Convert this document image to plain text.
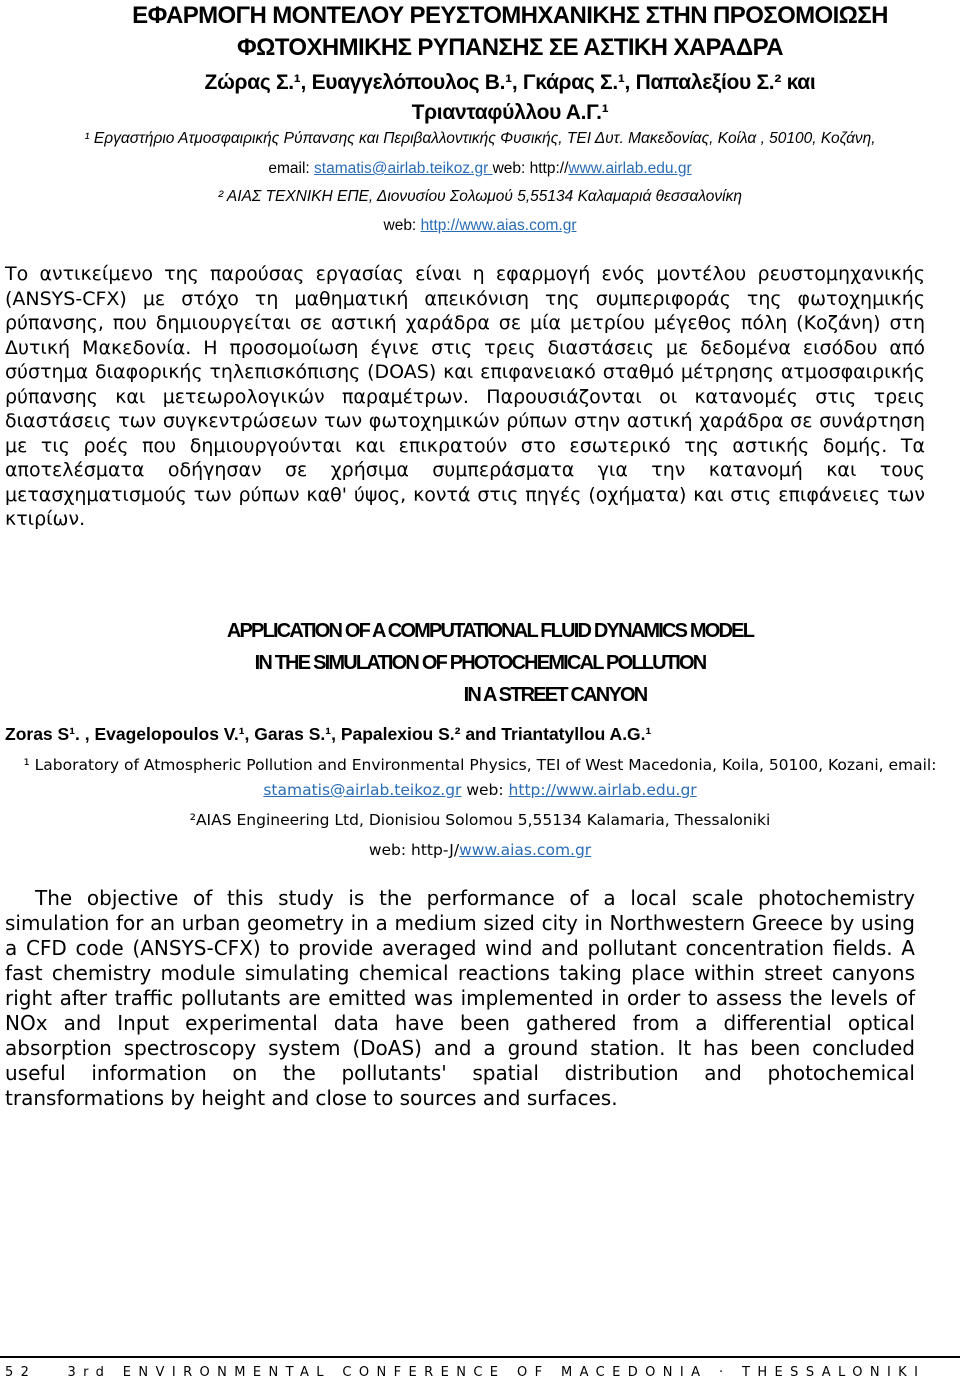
ΕΦΑΡΜΟΓΗ ΜΟΝΤΕΛΟΥ ΡΕΥΣΤΟΜΗΧΑΝΙΚΗΣ ΣΤΗΝ ΠΡΟΣΟΜΟΙΩΣΗ
ΦΩΤΟΧΗΜΙΚΗΣ ΡΥΠΑΝΣΗΣ ΣΕ ΑΣΤΙΚΗ ΧΑΡΑΔΡΑ
Ζώρας Σ.¹, Ευαγγελόπουλος Β.¹, Γκάρας Σ.¹, Παπαλεξίου Σ.² και
Τριανταφύλλου Α.Γ.¹
¹ Εργαστήριο Ατμοσφαιρικής Ρύπανσης και Περιβαλλοντικής Φυσικής, ΤΕΙ Δυτ. Μακεδονίας, Κοίλα , 50100, Κοζάνη,
email: stamatis@airlab.teikoz.gr web: http://www.airlab.edu.gr
² ΑΙΑΣ ΤΕΧΝΙΚΗ ΕΠΕ, Διονυσίου Σολωμού 5,55134 Καλαμαριά θεσσαλονίκη
web: http://www.aias.com.gr
Το αντικείμενο της παρούσας εργασίας είναι η εφαρμογή ενός μοντέλου ρευστομηχανικής (ANSYS-CFX) με στόχο τη μαθηματική απεικόνιση της συμπεριφοράς της φωτοχημικής ρύπανσης, που δημιουργείται σε αστική χαράδρα σε μία μετρίου μέγεθος πόλη (Κοζάνη) στη Δυτική Μακεδονία. Η προσομοίωση έγινε στις τρεις διαστάσεις με δεδομένα εισόδου από σύστημα διαφορικής τηλεπισκόπισης (DOAS) και επιφανειακό σταθμό μέτρησης ατμοσφαιρικής ρύπανσης και μετεωρολογικών παραμέτρων. Παρουσιάζονται οι κατανομές στις τρεις διαστάσεις των συγκεντρώσεων των φωτοχημικών ρύπων στην αστική χαράδρα σε συνάρτηση με τις ροές που δημιουργούνται και επικρατούν στο εσωτερικό της αστικής δομής. Τα αποτελέσματα οδήγησαν σε χρήσιμα συμπεράσματα για την κατανομή και τους μετασχηματισμούς των ρύπων καθ' ύψος, κοντά στις πηγές (οχήματα) και στις επιφάνειες των κτιρίων.
APPLICATION OF A COMPUTATIONAL FLUID DYNAMICS MODEL
IN THE SIMULATION OF PHOTOCHEMICAL POLLUTION
IN A STREET CANYON
Zoras S¹. , Evagelopoulos V.¹, Garas S.¹, Papalexiou S.² and Triantatyllou A.G.¹
¹ Laboratory of Atmospheric Pollution and Environmental Physics, TEI of West Macedonia, Koila, 50100, Kozani, email:
stamatis@airlab.teikoz.gr web: http://www.airlab.edu.gr
²AIAS Engineering Ltd, Dionisiou Solomou 5,55134 Kalamaria, Thessaloniki
web: http-J/www.aias.com.gr
The objective of this study is the performance of a local scale photochemistry simulation for an urban geometry in a medium sized city in Northwestern Greece by using a CFD code (ANSYS-CFX) to provide averaged wind and pollutant concentration fields. A fast chemistry module simulating chemical reactions taking place within street canyons right after traffic pollutants are emitted was implemented in order to assess the levels of NOx and Input experimental data have been gathered from a differential optical absorption spectroscopy system (DoAS) and a ground station. It has been concluded useful information on the pollutants' spatial distribution and photochemical transformations by height and close to sources and surfaces.
52 3rd ENVIRONMENTAL CONFERENCE OF MACEDONIA · THESSALONIKI
